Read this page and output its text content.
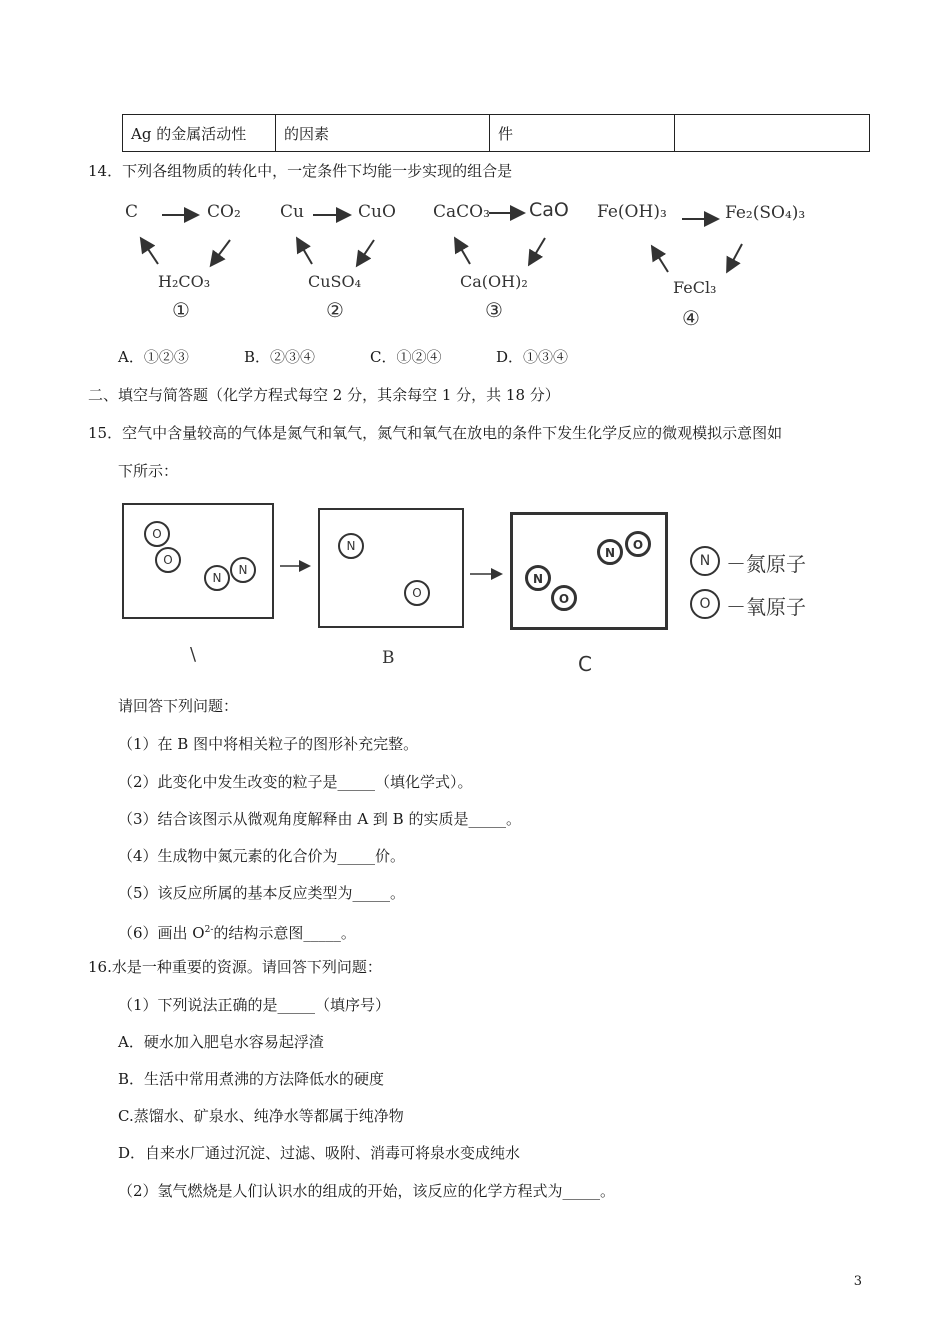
Ag 的金属活动性	的因素	件	
14．下列各组物质的转化中，一定条件下均能一步实现的组合是
C	CO₂
H₂CO₃
①
Cu	CuO
CuSO₄
②
CaCO₃ CaO
Ca(OH)₂
③
Fe(OH)₃	Fe₂(SO₄)₃
FeCl₃
④
A．①②③	B．②③④	C．①②④	D．①③④
二、填空与简答题（化学方程式每空 2 分，其余每空 1 分，共 18 分）
15．空气中含量较高的气体是氮气和氧气，氮气和氧气在放电的条件下发生化学反应的微观模拟示意图如
下所示：
O
O
N
N
N
O
N
O
N
O
\	B	C
N －氮原子
O －氧原子
请回答下列问题：
（1）在 B 图中将相关粒子的图形补充完整。
（2）此变化中发生改变的粒子是_____（填化学式）。
（3）结合该图示从微观角度解释由 A 到 B 的实质是_____。
（4）生成物中氮元素的化合价为_____价。
（5）该反应所属的基本反应类型为_____。
（6）画出 $O^{2-}$的结构示意图_____。
16.水是一种重要的资源。请回答下列问题：
（1）下列说法正确的是_____（填序号）
A．硬水加入肥皂水容易起浮渣
B．生活中常用煮沸的方法降低水的硬度
C.蒸馏水、矿泉水、纯净水等都属于纯净物
D．自来水厂通过沉淀、过滤、吸附、消毒可将泉水变成纯水
（2）氢气燃烧是人们认识水的组成的开始，该反应的化学方程式为_____。
3
